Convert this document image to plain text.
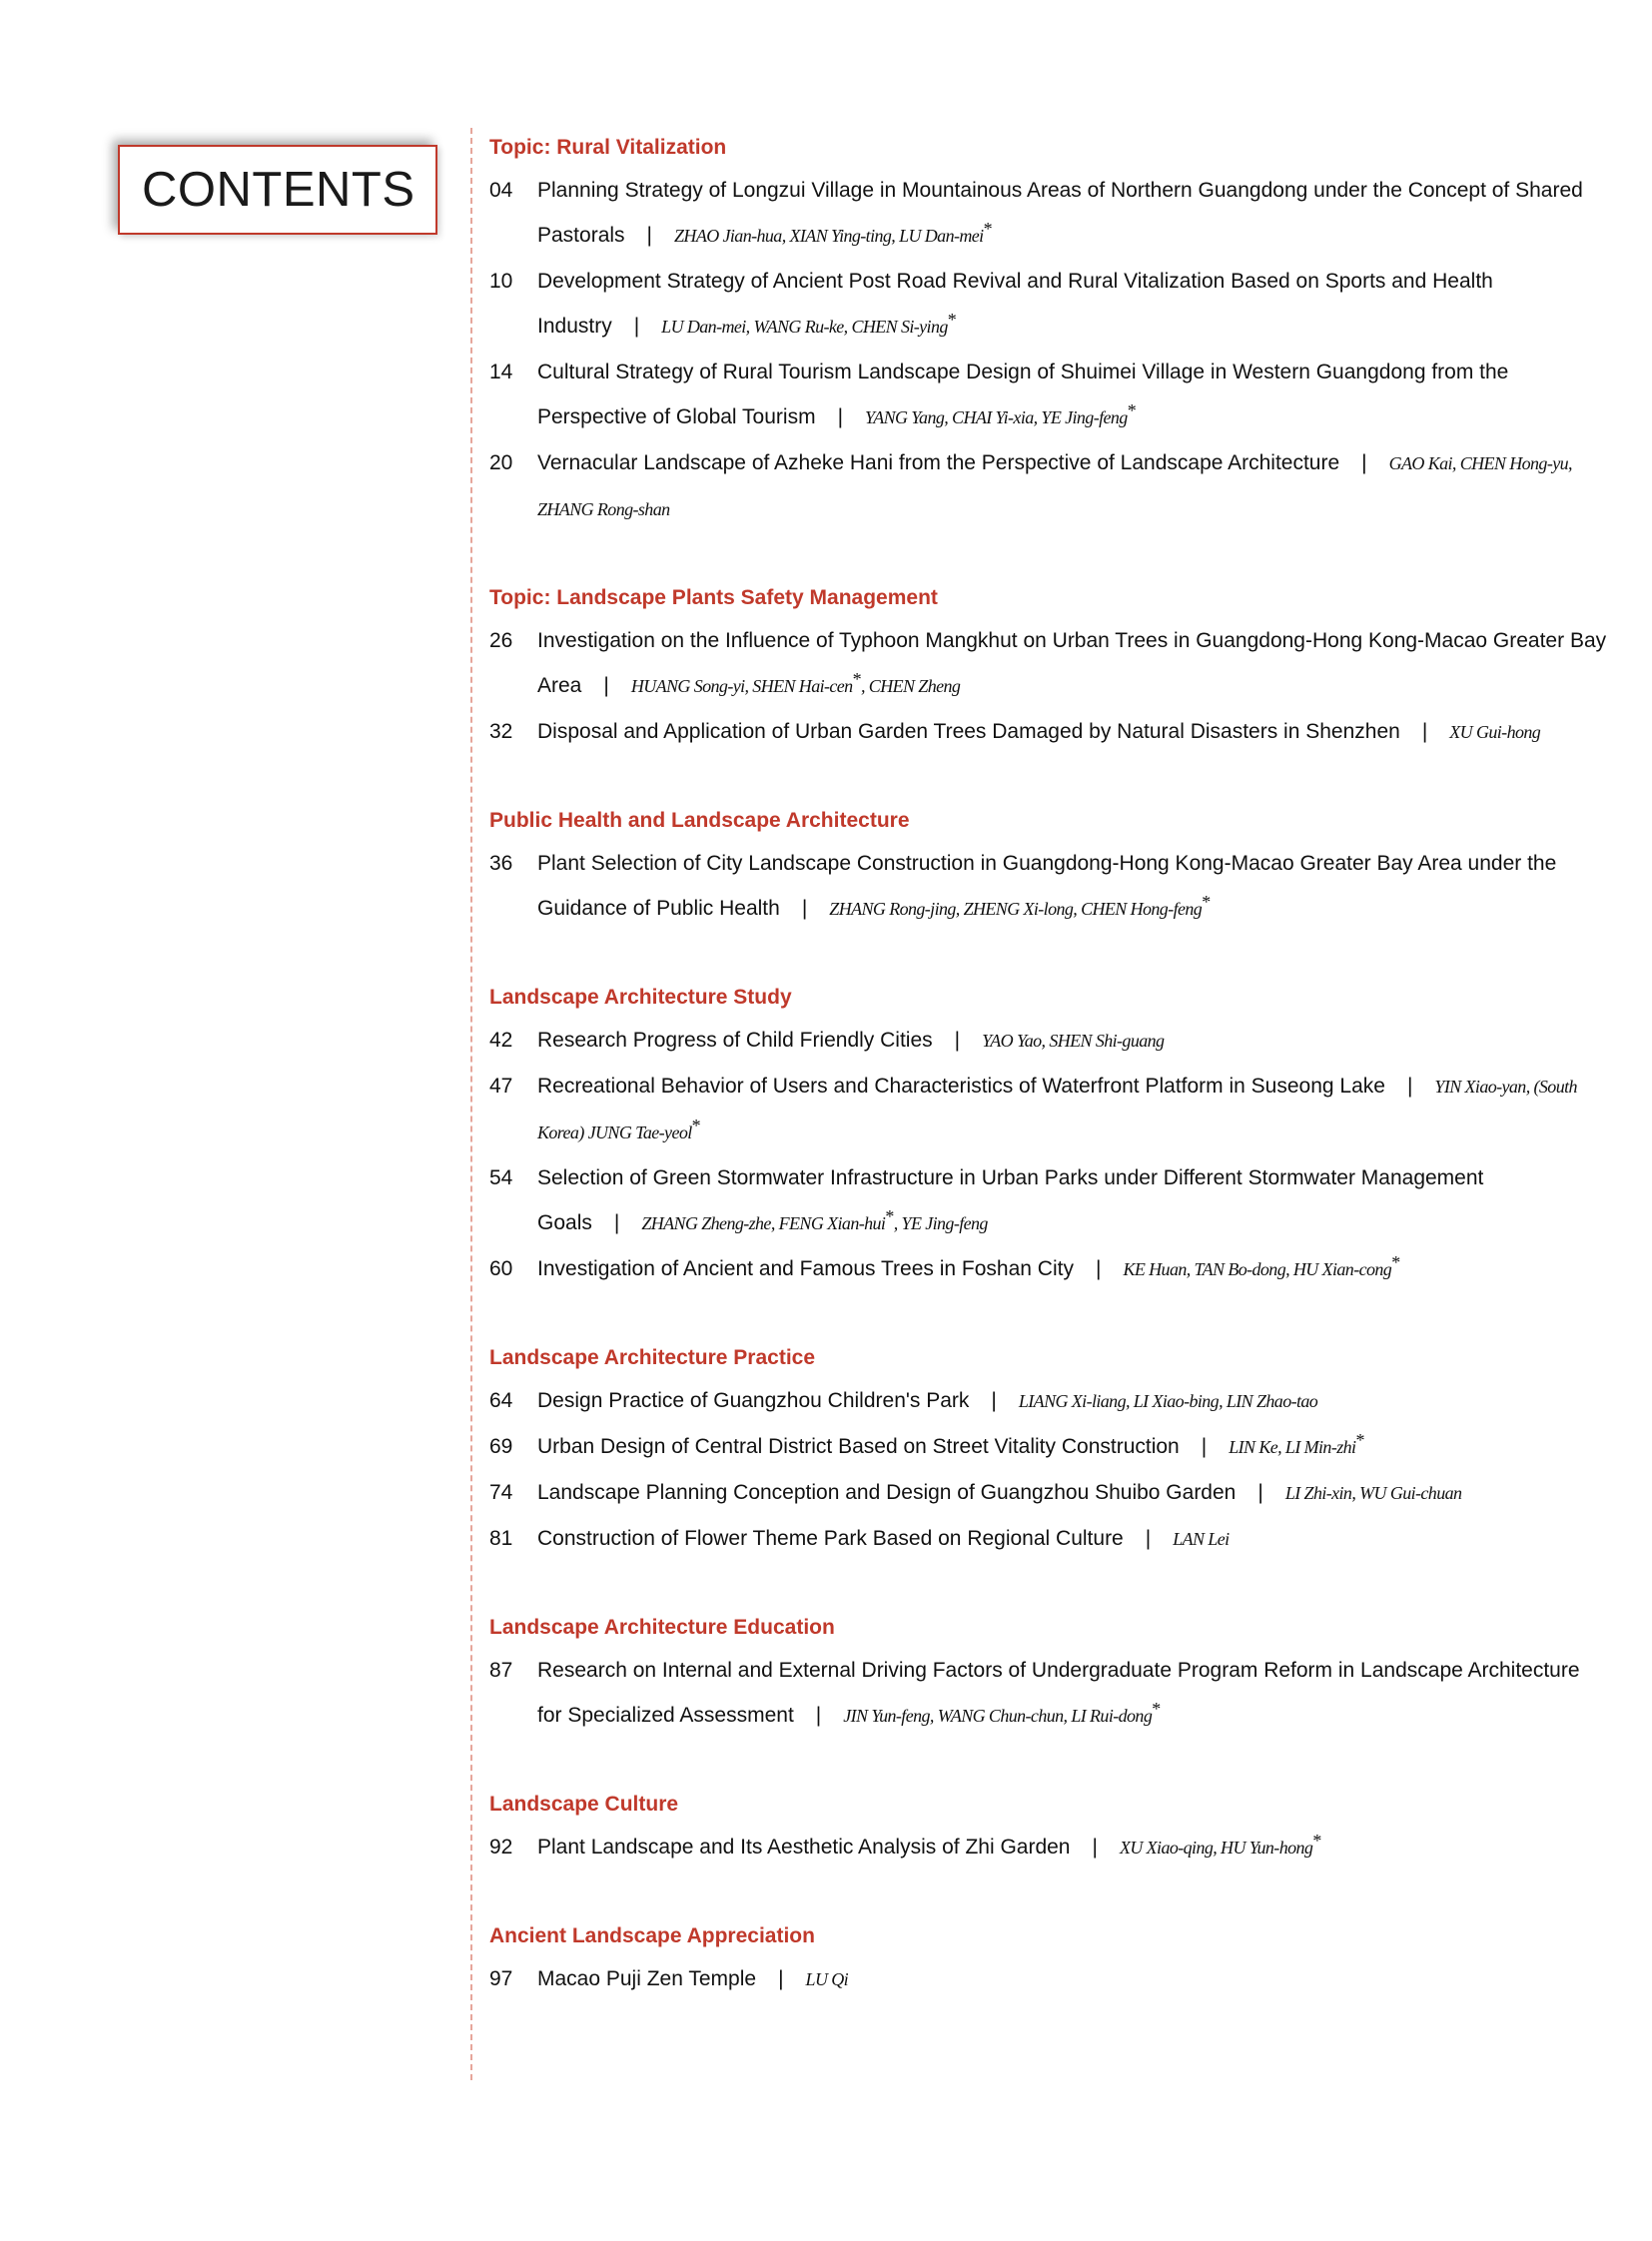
CONTENTS
Topic: Rural Vitalization
04 Planning Strategy of Longzui Village in Mountainous Areas of Northern Guangdong under the Concept of Shared Pastorals | ZHAO Jian-hua, XIAN Ying-ting, LU Dan-mei*
10 Development Strategy of Ancient Post Road Revival and Rural Vitalization Based on Sports and Health Industry | LU Dan-mei, WANG Ru-ke, CHEN Si-ying*
14 Cultural Strategy of Rural Tourism Landscape Design of Shuimei Village in Western Guangdong from the Perspective of Global Tourism | YANG Yang, CHAI Yi-xia, YE Jing-feng*
20 Vernacular Landscape of Azheke Hani from the Perspective of Landscape Architecture | GAO Kai, CHEN Hong-yu, ZHANG Rong-shan
Topic: Landscape Plants Safety Management
26 Investigation on the Influence of Typhoon Mangkhut on Urban Trees in Guangdong-Hong Kong-Macao Greater Bay Area | HUANG Song-yi, SHEN Hai-cen*, CHEN Zheng
32 Disposal and Application of Urban Garden Trees Damaged by Natural Disasters in Shenzhen | XU Gui-hong
Public Health and Landscape Architecture
36 Plant Selection of City Landscape Construction in Guangdong-Hong Kong-Macao Greater Bay Area under the Guidance of Public Health | ZHANG Rong-jing, ZHENG Xi-long, CHEN Hong-feng*
Landscape Architecture Study
42 Research Progress of Child Friendly Cities | YAO Yao, SHEN Shi-guang
47 Recreational Behavior of Users and Characteristics of Waterfront Platform in Suseong Lake | YIN Xiao-yan, (South Korea) JUNG Tae-yeol*
54 Selection of Green Stormwater Infrastructure in Urban Parks under Different Stormwater Management Goals | ZHANG Zheng-zhe, FENG Xian-hui*, YE Jing-feng
60 Investigation of Ancient and Famous Trees in Foshan City | KE Huan, TAN Bo-dong, HU Xian-cong*
Landscape Architecture Practice
64 Design Practice of Guangzhou Children's Park | LIANG Xi-liang, LI Xiao-bing, LIN Zhao-tao
69 Urban Design of Central District Based on Street Vitality Construction | LIN Ke, LI Min-zhi*
74 Landscape Planning Conception and Design of Guangzhou Shuibo Garden | LI Zhi-xin, WU Gui-chuan
81 Construction of Flower Theme Park Based on Regional Culture | LAN Lei
Landscape Architecture Education
87 Research on Internal and External Driving Factors of Undergraduate Program Reform in Landscape Architecture for Specialized Assessment | JIN Yun-feng, WANG Chun-chun, LI Rui-dong*
Landscape Culture
92 Plant Landscape and Its Aesthetic Analysis of Zhi Garden | XU Xiao-qing, HU Yun-hong*
Ancient Landscape Appreciation
97 Macao Puji Zen Temple | LU Qi
